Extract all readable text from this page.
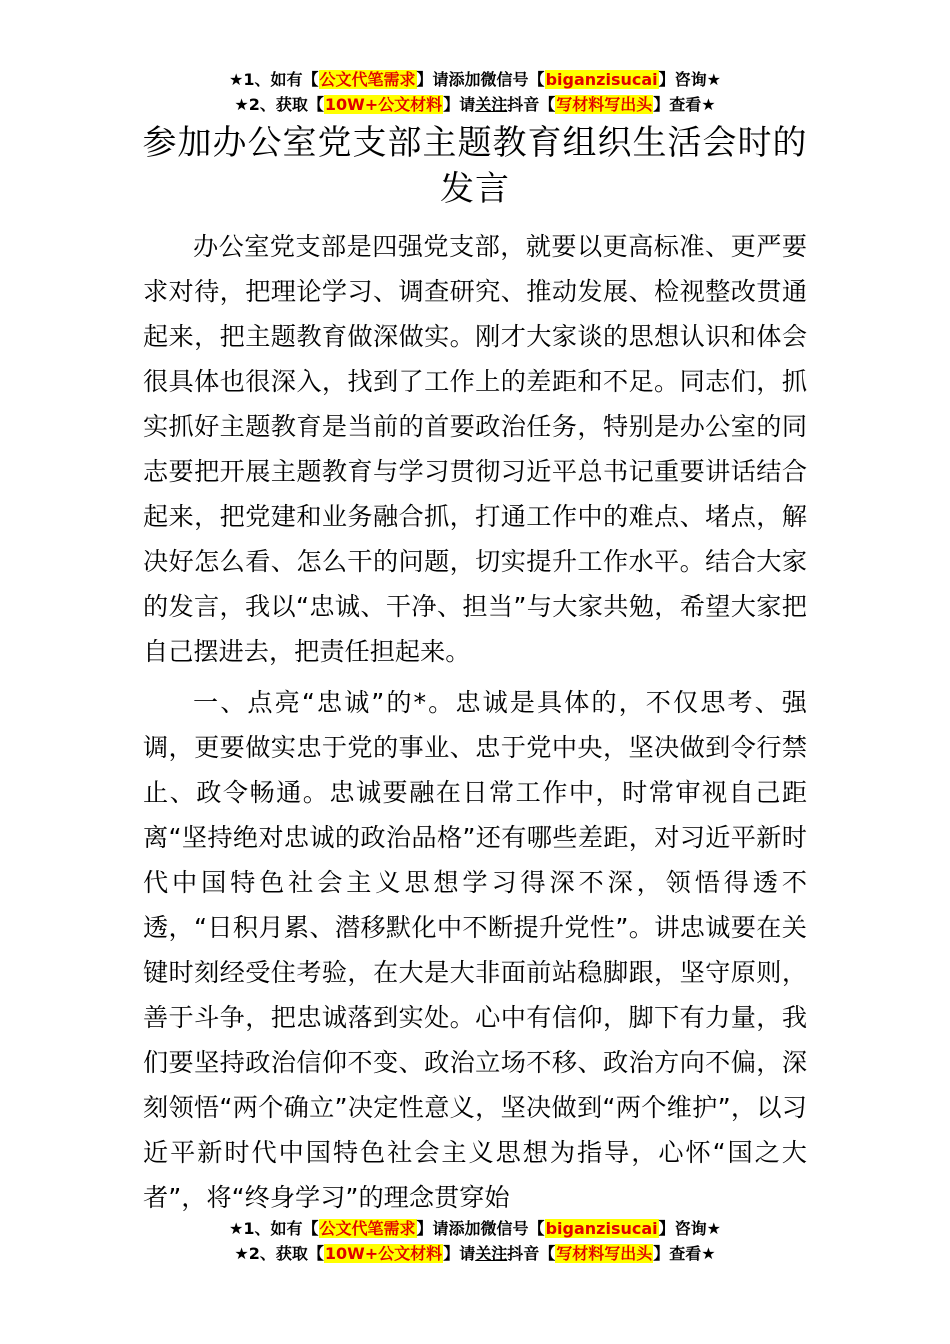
★1、如有【公文代笔需求】请添加微信号【biganzisucai】咨询★
★2、获取【10W+公文材料】请关注抖音【写材料写出头】查看★
参加办公室党支部主题教育组织生活会时的发言

办公室党支部是四强党支部，就要以更高标准、更严要求对待，把理论学习、调查研究、推动发展、检视整改贯通起来，把主题教育做深做实。刚才大家谈的思想认识和体会很具体也很深入，找到了工作上的差距和不足。同志们，抓实抓好主题教育是当前的首要政治任务，特别是办公室的同志要把开展主题教育与学习贯彻习近平总书记重要讲话结合起来，把党建和业务融合抓，打通工作中的难点、堵点，解决好怎么看、怎么干的问题，切实提升工作水平。结合大家的发言，我以“忠诚、干净、担当”与大家共勉，希望大家把自己摆进去，把责任担起来。

一、点亮“忠诚”的*。忠诚是具体的，不仅思考、强调，更要做实忠于党的事业、忠于党中央，坚决做到令行禁止、政令畅通。忠诚要融在日常工作中，时常审视自己距离“坚持绝对忠诚的政治品格”还有哪些差距，对习近平新时代中国特色社会主义思想学习得深不深，领悟得透不透，“日积月累、潜移默化中不断提升党性”。讲忠诚要在关键时刻经受住考验，在大是大非面前站稳脚跟，坚守原则，善于斗争，把忠诚落到实处。心中有信仰，脚下有力量，我们要坚持政治信仰不变、政治立场不移、政治方向不偏，深刻领悟“两个确立”决定性意义，坚决做到“两个维护”，以习近平新时代中国特色社会主义思想为指导，心怀“国之大者”，将“终身学习”的理念贯穿始

★1、如有【公文代笔需求】请添加微信号【biganzisucai】咨询★
★2、获取【10W+公文材料】请关注抖音【写材料写出头】查看★
